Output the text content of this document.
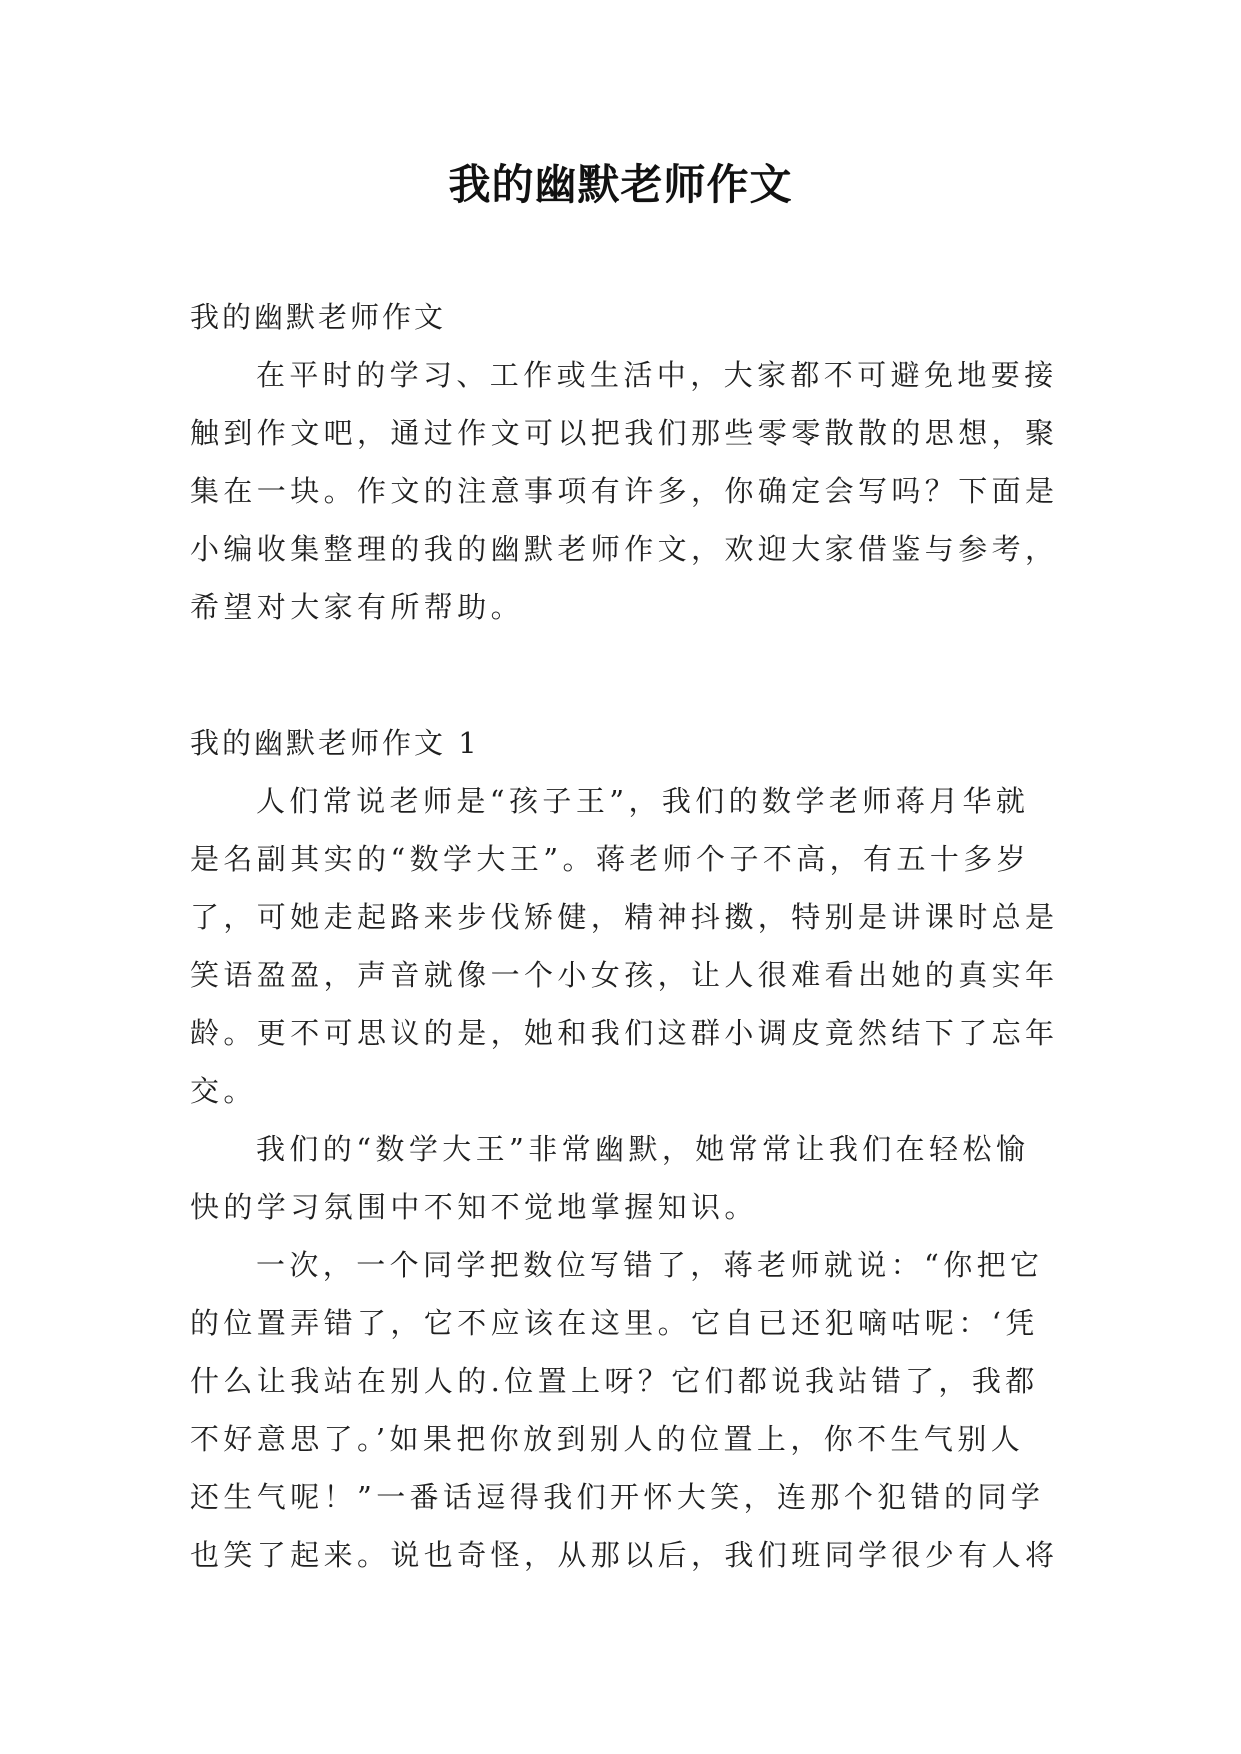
我的幽默老师作文
我的幽默老师作文
在平时的学习、工作或生活中，大家都不可避免地要接
触到作文吧，通过作文可以把我们那些零零散散的思想，聚
集在一块。作文的注意事项有许多，你确定会写吗？下面是
小编收集整理的我的幽默老师作文，欢迎大家借鉴与参考，
希望对大家有所帮助。
我的幽默老师作文 1
人们常说老师是“孩子王”，我们的数学老师蒋月华就
是名副其实的“数学大王”。蒋老师个子不高，有五十多岁
了，可她走起路来步伐矫健，精神抖擞，特别是讲课时总是
笑语盈盈，声音就像一个小女孩，让人很难看出她的真实年
龄。更不可思议的是，她和我们这群小调皮竟然结下了忘年
交。
我们的“数学大王”非常幽默，她常常让我们在轻松愉
快的学习氛围中不知不觉地掌握知识。
一次，一个同学把数位写错了，蒋老师就说：“你把它
的位置弄错了，它不应该在这里。它自已还犯嘀咕呢：‘凭
什么让我站在别人的.位置上呀？它们都说我站错了，我都
不好意思了。’如果把你放到别人的位置上，你不生气别人
还生气呢！”一番话逗得我们开怀大笑，连那个犯错的同学
也笑了起来。说也奇怪，从那以后，我们班同学很少有人将
